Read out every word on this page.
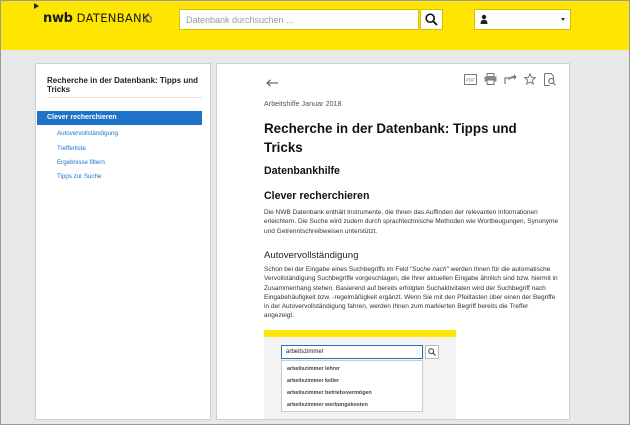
nwb DATENBANK
Datenbank durchsuchen ...
Recherche in der Datenbank: Tipps und Tricks
Clever recherchieren
Autovervollständigung
Trefferliste
Ergebnisse filtern
Tipps zur Suche
PDF
Arbeitshilfe Januar 2018
Recherche in der Datenbank: Tipps und Tricks
Datenbankhilfe
Clever recherchieren
Die NWB Datenbank enthält Instrumente, die Ihnen das Auffinden der relevanten Informationen erleichtern. Die Suche wird zudem durch sprachtechnische Methoden wie Wortbeugungen, Synonyme und Getrenntschreibweisen unterstützt.
Autovervollständigung
Schon bei der Eingabe eines Suchbegriffs im Feld "Suche nach" werden Ihnen für die automatische Vervollständigung Suchbegriffe vorgeschlagen, die Ihrer aktuellen Eingabe ähnlich sind bzw. hiermit in Zusammenhang stehen. Basierend auf bereits erfolgten Suchaktivitaten wird der Suchbegriff nach Eingabehäufigkeit bzw. -regelmäßigkeit ergänzt. Wenn Sie mit den Pfeiltasten über einen der Begriffe in der Autovervollständigung fahren, werden Ihnen zum markierten Begriff bereits die Treffer angezeigt.
arbeitszimmer
arbeitszimmer lehrer
arbeitszimmer keller
arbeitszimmer betriebsvermögen
arbeitszimmer werbungskosten
